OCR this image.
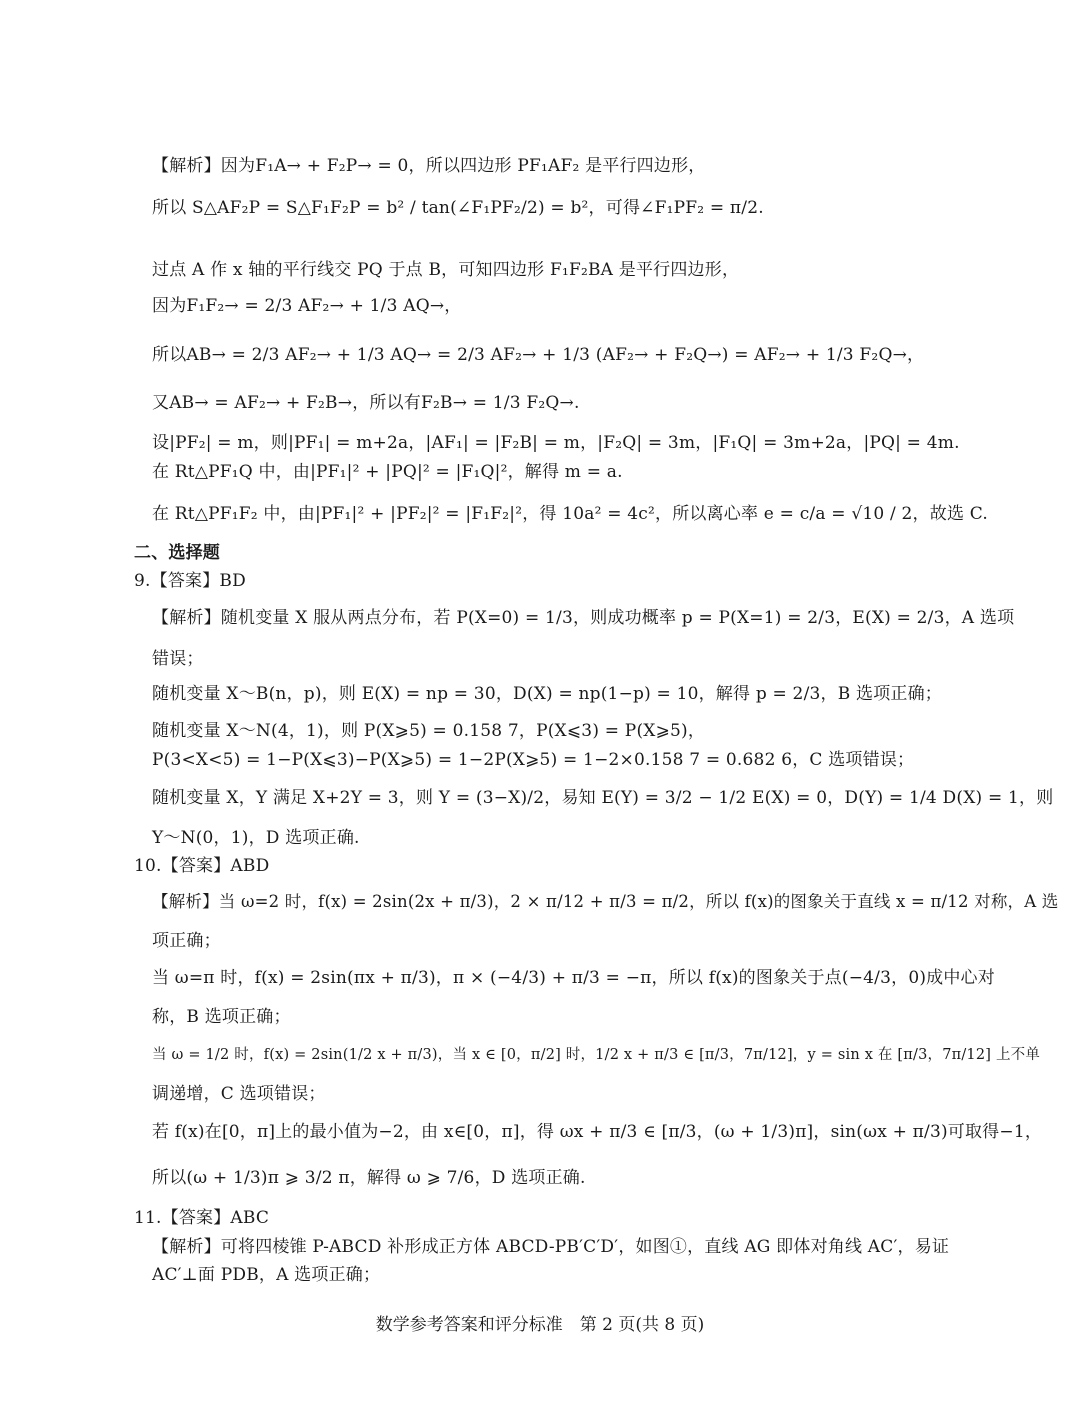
【解析】因为F₁A→ + F₂P→ = 0，所以四边形 PF₁AF₂ 是平行四边形，
所以 S△AF₂P = S△F₁F₂P = b² / tan(∠F₁PF₂/2) = b²，可得∠F₁PF₂ = π/2.
过点 A 作 x 轴的平行线交 PQ 于点 B，可知四边形 F₁F₂BA 是平行四边形，
因为F₁F₂→ = 2/3 AF₂→ + 1/3 AQ→，
所以AB→ = 2/3 AF₂→ + 1/3 AQ→ = 2/3 AF₂→ + 1/3 (AF₂→ + F₂Q→) = AF₂→ + 1/3 F₂Q→，
又AB→ = AF₂→ + F₂B→，所以有F₂B→ = 1/3 F₂Q→.
设|PF₂| = m，则|PF₁| = m+2a，|AF₁| = |F₂B| = m，|F₂Q| = 3m，|F₁Q| = 3m+2a，|PQ| = 4m.
在 Rt△PF₁Q 中，由|PF₁|² + |PQ|² = |F₁Q|²，解得 m = a.
在 Rt△PF₁F₂ 中，由|PF₁|² + |PF₂|² = |F₁F₂|²，得 10a² = 4c²，所以离心率 e = c/a = √10 / 2，故选 C.
二、选择题
9.【答案】BD
【解析】随机变量 X 服从两点分布，若 P(X=0) = 1/3，则成功概率 p = P(X=1) = 2/3，E(X) = 2/3，A 选项
错误；
随机变量 X～B(n，p)，则 E(X) = np = 30，D(X) = np(1−p) = 10，解得 p = 2/3，B 选项正确；
随机变量 X～N(4，1)，则 P(X⩾5) = 0.158 7，P(X⩽3) = P(X⩾5)，
P(3<X<5) = 1−P(X⩽3)−P(X⩾5) = 1−2P(X⩾5) = 1−2×0.158 7 = 0.682 6，C 选项错误；
随机变量 X，Y 满足 X+2Y = 3，则 Y = (3−X)/2，易知 E(Y) = 3/2 − 1/2 E(X) = 0，D(Y) = 1/4 D(X) = 1，则
Y～N(0，1)，D 选项正确.
10.【答案】ABD
【解析】当 ω=2 时，f(x) = 2sin(2x + π/3)，2 × π/12 + π/3 = π/2，所以 f(x)的图象关于直线 x = π/12 对称，A 选
项正确；
当 ω=π 时，f(x) = 2sin(πx + π/3)，π × (−4/3) + π/3 = −π，所以 f(x)的图象关于点(−4/3，0)成中心对
称，B 选项正确；
当 ω = 1/2 时，f(x) = 2sin(1/2 x + π/3)，当 x ∈ [0，π/2] 时，1/2 x + π/3 ∈ [π/3，7π/12]，y = sin x 在 [π/3，7π/12] 上不单
调递增，C 选项错误；
若 f(x)在[0，π]上的最小值为−2，由 x∈[0，π]，得 ωx + π/3 ∈ [π/3，(ω + 1/3)π]，sin(ωx + π/3)可取得−1，
所以(ω + 1/3)π ⩾ 3/2 π，解得 ω ⩾ 7/6，D 选项正确.
11.【答案】ABC
【解析】可将四棱锥 P-ABCD 补形成正方体 ABCD-PB′C′D′，如图①，直线 AG 即体对角线 AC′，易证
AC′⊥面 PDB，A 选项正确；
数学参考答案和评分标准　第 2 页(共 8 页)
